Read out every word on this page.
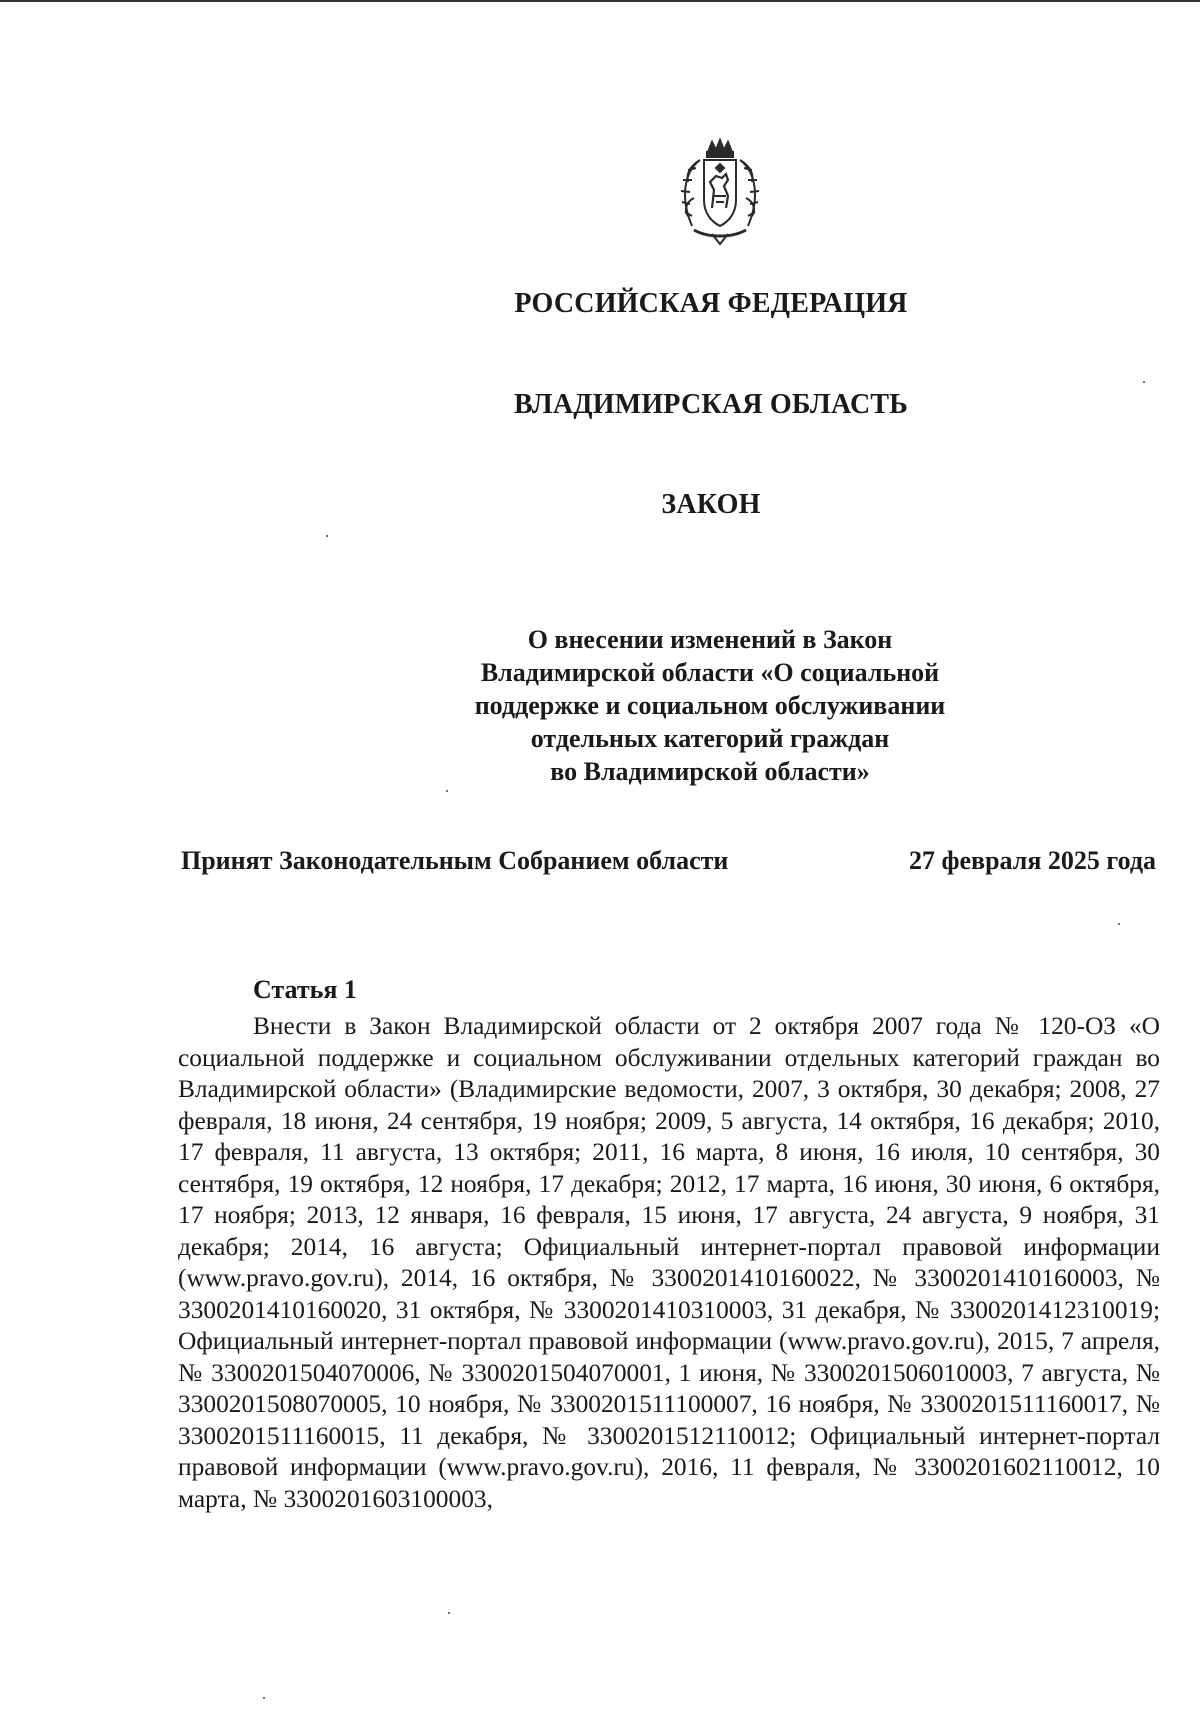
РОССИЙСКАЯ ФЕДЕРАЦИЯ
ВЛАДИМИРСКАЯ ОБЛАСТЬ
ЗАКОН
О внесении изменений в Закон
Владимирской области «О социальной
поддержке и социальном обслуживании
отдельных категорий граждан
во Владимирской области»
Принят Законодательным Собранием области	27 февраля 2025 года
Статья 1
Внести в Закон Владимирской области от 2 октября 2007 года № 120-ОЗ «О социальной поддержке и социальном обслуживании отдельных категорий граждан во Владимирской области» (Владимирские ведомости, 2007, 3 октября, 30 декабря; 2008, 27 февраля, 18 июня, 24 сентября, 19 ноября; 2009, 5 августа, 14 октября, 16 декабря; 2010, 17 февраля, 11 августа, 13 октября; 2011, 16 марта, 8 июня, 16 июля, 10 сентября, 30 сентября, 19 октября, 12 ноября, 17 декабря; 2012, 17 марта, 16 июня, 30 июня, 6 октября, 17 ноября; 2013, 12 января, 16 февраля, 15 июня, 17 августа, 24 августа, 9 ноября, 31 декабря; 2014, 16 августа; Официальный интернет-портал правовой информации (www.pravo.gov.ru), 2014, 16 октября, № 3300201410160022, № 3300201410160003, № 3300201410160020, 31 октября, № 3300201410310003, 31 декабря, № 3300201412310019; Официальный интернет-портал правовой информации (www.pravo.gov.ru), 2015, 7 апреля, № 3300201504070006, № 3300201504070001, 1 июня, № 3300201506010003, 7 августа, № 3300201508070005, 10 ноября, № 3300201511100007, 16 ноября, № 3300201511160017, № 3300201511160015, 11 декабря, № 3300201512110012; Официальный интернет-портал правовой информации (www.pravo.gov.ru), 2016, 11 февраля, № 3300201602110012, 10 марта, № 3300201603100003,
